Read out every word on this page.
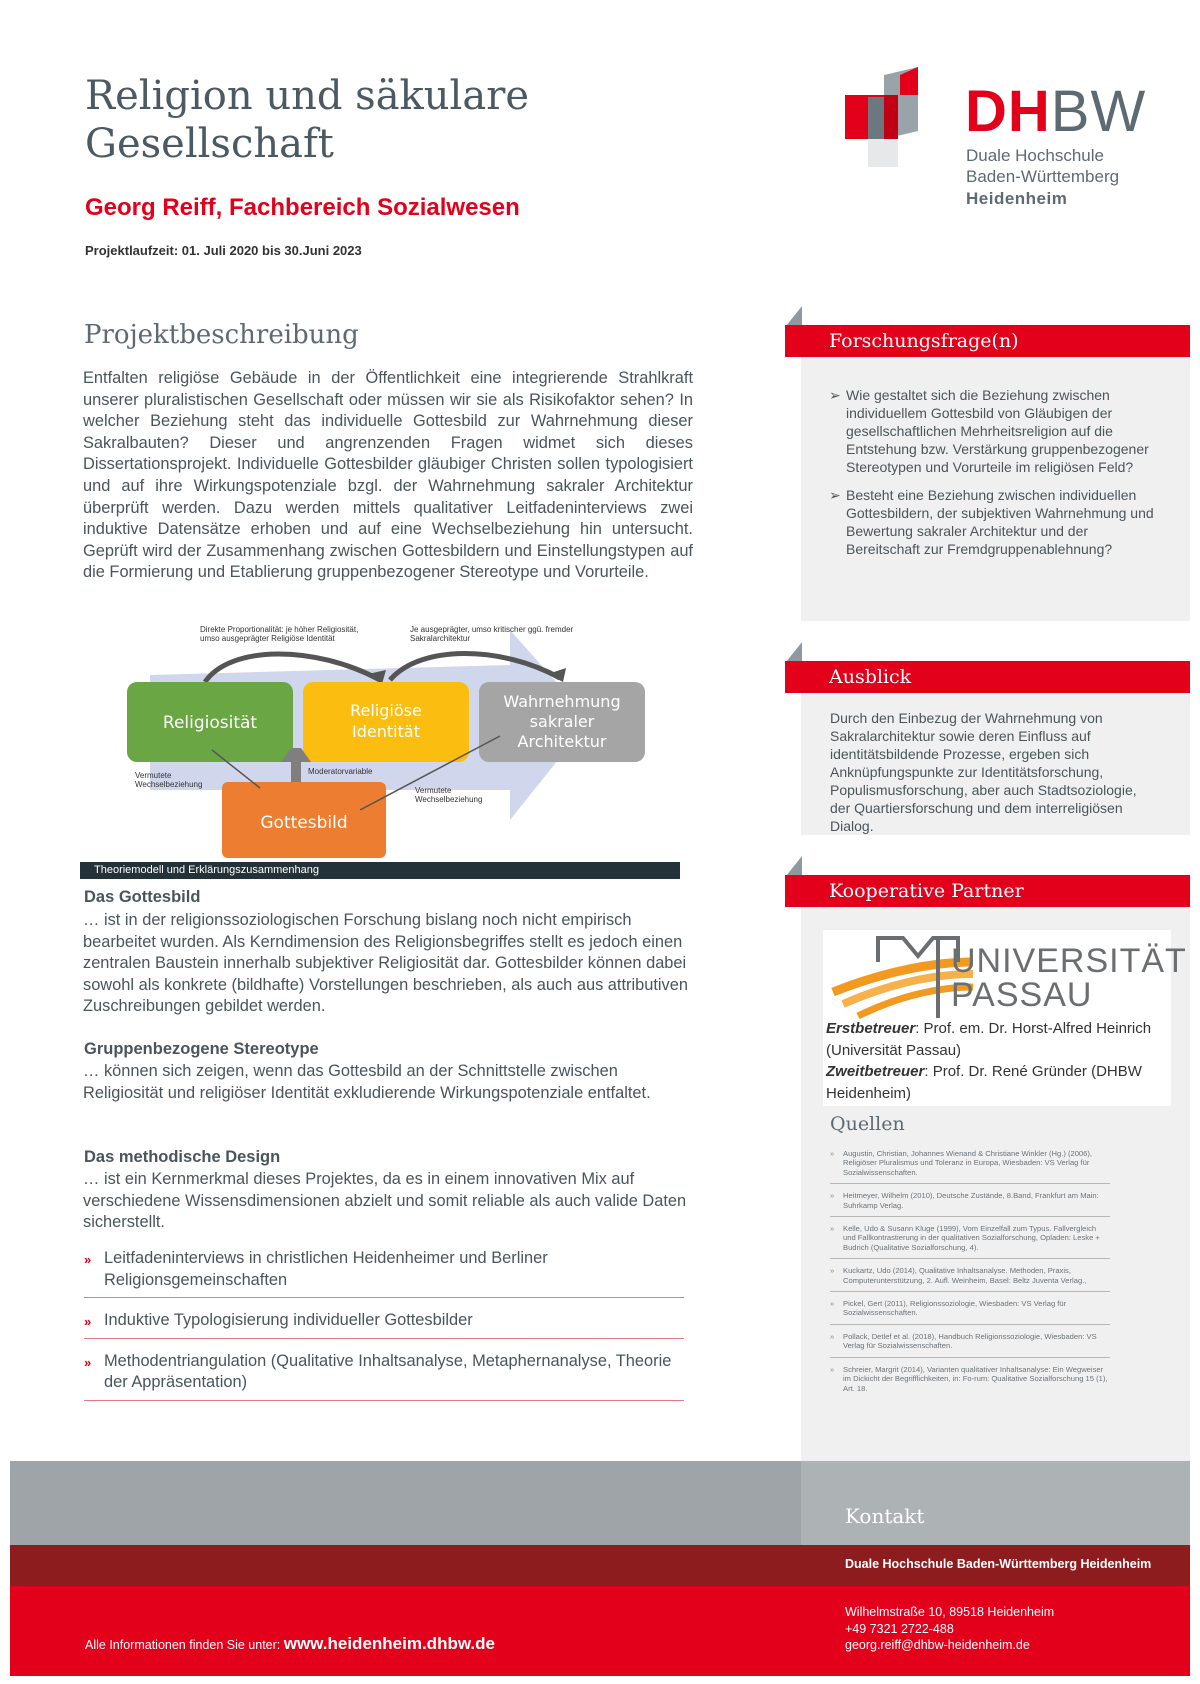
Religion und säkulare
Gesellschaft
Georg Reiff, Fachbereich Sozialwesen
Projektlaufzeit: 01. Juli 2020 bis 30.Juni 2023
DHBW
Duale Hochschule
Baden-Württemberg
Heidenheim
Projektbeschreibung
Entfalten religiöse Gebäude in der Öffentlichkeit eine integrierende Strahlkraft unserer pluralistischen Gesellschaft oder müssen wir sie als Risikofaktor sehen? In welcher Beziehung steht das individuelle Gottesbild zur Wahrnehmung dieser Sakralbauten? Dieser und angrenzenden Fragen widmet sich dieses Dissertationsprojekt. Individuelle Gottesbilder gläubiger Christen sollen typologisiert und auf ihre Wirkungspotenziale bzgl. der Wahrnehmung sakraler Architektur überprüft werden. Dazu werden mittels qualitativer Leitfadeninterviews zwei induktive Datensätze erhoben und auf eine Wechselbeziehung hin untersucht. Geprüft wird der Zusammenhang zwischen Gottesbildern und Einstellungstypen auf die Formierung und Etablierung gruppenbezogener Stereotype und Vorurteile.
Direkte Proportionalität: je höher Religiosität,
umso ausgeprägter Religiöse Identität
Je ausgeprägter, umso kritischer ggü. fremder
Sakralarchitektur
Religiosität
Religiöse
Identität
Wahrnehmung
sakraler
Architektur
Gottesbild
Vermutete
Wechselbeziehung
Moderatorvariable
Vermutete
Wechselbeziehung
Theoriemodell und Erklärungszusammenhang
Das Gottesbild
… ist in der religionssoziologischen Forschung bislang noch nicht empirisch bearbeitet wurden. Als Kerndimension des Religionsbegriffes stellt es jedoch einen zentralen Baustein innerhalb subjektiver Religiosität dar. Gottesbilder können dabei sowohl als konkrete (bildhafte) Vorstellungen beschrieben, als auch aus attributiven Zuschreibungen gebildet werden.
Gruppenbezogene Stereotype
… können sich zeigen, wenn das Gottesbild an der Schnittstelle zwischen Religiosität und religiöser Identität exkludierende Wirkungspotenziale entfaltet.
Das methodische Design
… ist ein Kernmerkmal dieses Projektes, da es in einem innovativen Mix auf verschiedene Wissensdimensionen abzielt und somit reliable als auch valide Daten sicherstellt.
» Leitfadeninterviews in christlichen Heidenheimer und Berliner Religionsgemeinschaften
» Induktive Typologisierung individueller Gottesbilder
» Methodentriangulation (Qualitative Inhaltsanalyse, Metaphernanalyse, Theorie der Appräsentation)
Forschungsfrage(n)
➢ Wie gestaltet sich die Beziehung zwischen individuellem Gottesbild von Gläubigen der gesellschaftlichen Mehrheitsreligion auf die Entstehung bzw. Verstärkung gruppenbezogener Stereotypen und Vorurteile im religiösen Feld?
➢ Besteht eine Beziehung zwischen individuellen Gottesbildern, der subjektiven Wahrnehmung und Bewertung sakraler Architektur und der Bereitschaft zur Fremdgruppenablehnung?
Ausblick
Durch den Einbezug der Wahrnehmung von Sakralarchitektur sowie deren Einfluss auf identitätsbildende Prozesse, ergeben sich Anknüpfungspunkte zur Identitätsforschung, Populismusforschung, aber auch Stadtsoziologie, der Quartiersforschung und dem interreligiösen Dialog.
Kooperative Partner
UNIVERSITÄT
PASSAU
Erstbetreuer: Prof. em. Dr. Horst-Alfred Heinrich (Universität Passau)
Zweitbetreuer: Prof. Dr. René Gründer (DHBW Heidenheim)
Quellen
» Augustin, Christian, Johannes Wienand & Christiane Winkler (Hg.) (2006), Religiöser Pluralismus und Toleranz in Europa, Wiesbaden: VS Verlag für Sozialwissenschaften.
» Heitmeyer, Wilhelm (2010), Deutsche Zustände, 8.Band, Frankfurt am Main: Suhrkamp Verlag.
» Kelle, Udo & Susann Kluge (1999), Vom Einzelfall zum Typus. Fallvergleich und Fallkontrastierung in der qualitativen Sozialforschung, Opladen: Leske + Budrich (Qualitative Sozialforschung, 4).
» Kuckartz, Udo (2014), Qualitative Inhaltsanalyse. Methoden, Praxis, Computerunterstützung, 2. Aufl. Weinheim, Basel: Beltz Juventa Verlag.,
» Pickel, Gert (2011), Religionssoziologie, Wiesbaden: VS Verlag für Sozialwissenschaften.
» Pollack, Detlef et al. (2018), Handbuch Religionssoziologie, Wiesbaden: VS Verlag für Sozialwissenschaften.
» Schreier, Margrit (2014), Varianten qualitativer Inhaltsanalyse: Ein Wegweiser im Dickicht der Begrifflichkeiten, in: Fo-rum: Qualitative Sozialforschung 15 (1), Art. 18.
Kontakt
Duale Hochschule Baden-Württemberg Heidenheim
Alle Informationen finden Sie unter: www.heidenheim.dhbw.de
Wilhelmstraße 10, 89518 Heidenheim
+49 7321 2722-488
georg.reiff@dhbw-heidenheim.de
